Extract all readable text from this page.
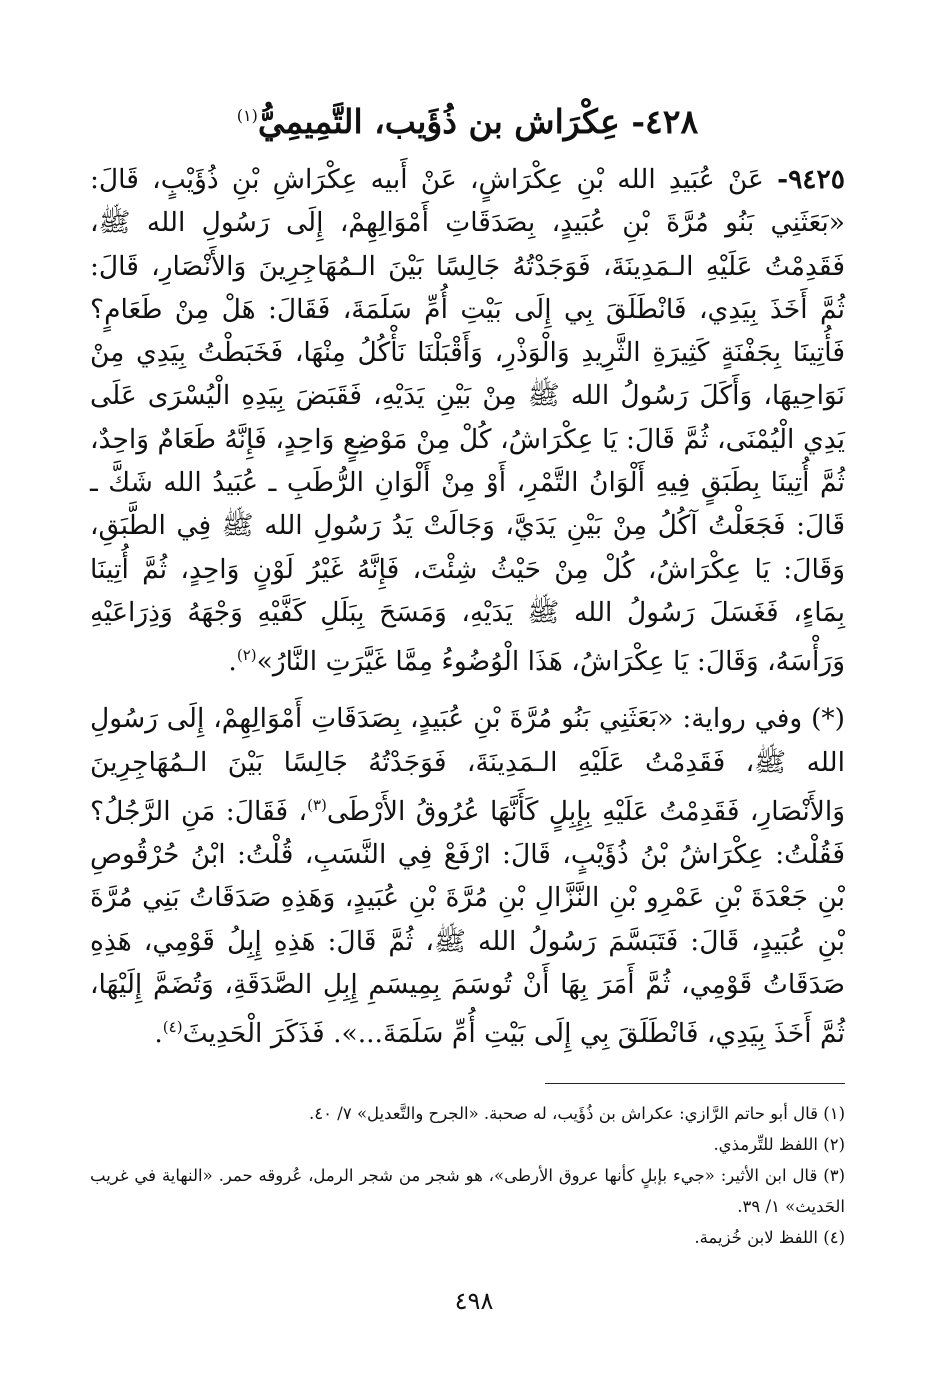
٤٢٨- عِكْرَاش بن ذُؤَيب، التَّمِيمِيُّ$^{(١)}$

٩٤٢٥- عَنْ عُبَيدِ الله بْنِ عِكْرَاشٍ، عَنْ أَبيه عِكْرَاشِ بْنِ ذُؤَيْبٍ، قَالَ: «بَعَثَنِي بَنُو مُرَّةَ بْنِ عُبَيدٍ، بِصَدَقَاتِ أَمْوَالِهِمْ، إِلَى رَسُولِ الله ﷺ، فَقَدِمْتُ عَلَيْهِ الـمَدِينَةَ، فَوَجَدْتُهُ جَالِسًا بَيْنَ الـمُهَاجِرِينَ وَالأَنْصَارِ، قَالَ: ثُمَّ أَخَذَ بِيَدِي، فَانْطَلَقَ بِي إِلَى بَيْتِ أُمِّ سَلَمَةَ، فَقَالَ: هَلْ مِنْ طَعَامٍ؟ فَأُتِينَا بِجَفْنَةٍ كَثِيرَةِ الثَّرِيدِ وَالْوَذْرِ، وَأَقْبَلْنَا نَأْكُلُ مِنْهَا، فَخَبَطْتُ بِيَدِي مِنْ نَوَاحِيهَا، وَأَكَلَ رَسُولُ الله ﷺ مِنْ بَيْنِ يَدَيْهِ، فَقَبَضَ بِيَدِهِ الْيُسْرَى عَلَى يَدِي الْيُمْنَى، ثُمَّ قَالَ: يَا عِكْرَاشُ، كُلْ مِنْ مَوْضِعٍ وَاحِدٍ، فَإِنَّهُ طَعَامٌ وَاحِدٌ، ثُمَّ أُتِينَا بِطَبَقٍ فِيهِ أَلْوَانُ التَّمْرِ، أَوْ مِنْ أَلْوَانِ الرُّطَبِ ـ عُبَيدُ الله شَكَّ ـ قَالَ: فَجَعَلْتُ آكُلُ مِنْ بَيْنِ يَدَيَّ، وَجَالَتْ يَدُ رَسُولِ الله ﷺ فِي الطَّبَقِ، وَقَالَ: يَا عِكْرَاشُ، كُلْ مِنْ حَيْثُ شِئْتَ، فَإِنَّهُ غَيْرُ لَوْنٍ وَاحِدٍ، ثُمَّ أُتِينَا بِمَاءٍ، فَغَسَلَ رَسُولُ الله ﷺ يَدَيْهِ، وَمَسَحَ بِبَلَلِ كَفَّيْهِ وَجْهَهُ وَذِرَاعَيْهِ وَرَأْسَهُ، وَقَالَ: يَا عِكْرَاشُ، هَذَا الْوُضُوءُ مِمَّا غَيَّرَتِ النَّارُ»$^{(٢)}$.

(*) وفي رواية: «بَعَثَنِي بَنُو مُرَّةَ بْنِ عُبَيدٍ، بِصَدَقَاتِ أَمْوَالِهِمْ، إِلَى رَسُولِ الله ﷺ، فَقَدِمْتُ عَلَيْهِ الـمَدِينَةَ، فَوَجَدْتُهُ جَالِسًا بَيْنَ الـمُهَاجِرِينَ وَالأَنْصَارِ، فَقَدِمْتُ عَلَيْهِ بِإِبِلٍ كَأَنَّهَا عُرُوقُ الأَرْطَى$^{(٣)}$، فَقَالَ: مَنِ الرَّجُلُ؟ فَقُلْتُ: عِكْرَاشُ بْنُ ذُؤَيْبٍ، قَالَ: ارْفَعْ فِي النَّسَبِ، قُلْتُ: ابْنُ حُرْقُوصِ بْنِ جَعْدَةَ بْنِ عَمْرِو بْنِ النَّزَّالِ بْنِ مُرَّةَ بْنِ عُبَيدٍ، وَهَذِهِ صَدَقَاتُ بَنِي مُرَّةَ بْنِ عُبَيدٍ، قَالَ: فَتَبَسَّمَ رَسُولُ الله ﷺ، ثُمَّ قَالَ: هَذِهِ إِبِلُ قَوْمِي، هَذِهِ صَدَقَاتُ قَوْمِي، ثُمَّ أَمَرَ بِهَا أَنْ تُوسَمَ بِمِيسَمِ إِبِلِ الصَّدَقَةِ، وَتُضَمَّ إِلَيْهَا، ثُمَّ أَخَذَ بِيَدِي، فَانْطَلَقَ بِي إِلَى بَيْتِ أُمِّ سَلَمَةَ...». فَذَكَرَ الْحَدِيثَ$^{(٤)}$.

(١) قال أبو حاتم الرَّازي: عكراش بن ذُؤَيب، له صحبة. «الجرح والتَّعديل» ٧/ ٤٠.

(٢) اللفظ للتِّرمذي.

(٣) قال ابن الأثير: «جيء بإبلٍ كأنها عروق الأرطى»، هو شجر من شجر الرمل، عُروقه حمر. «النهاية في غريب الحَديث» ١/ ٣٩.

(٤) اللفظ لابن خُزيمة.

٤٩٨
